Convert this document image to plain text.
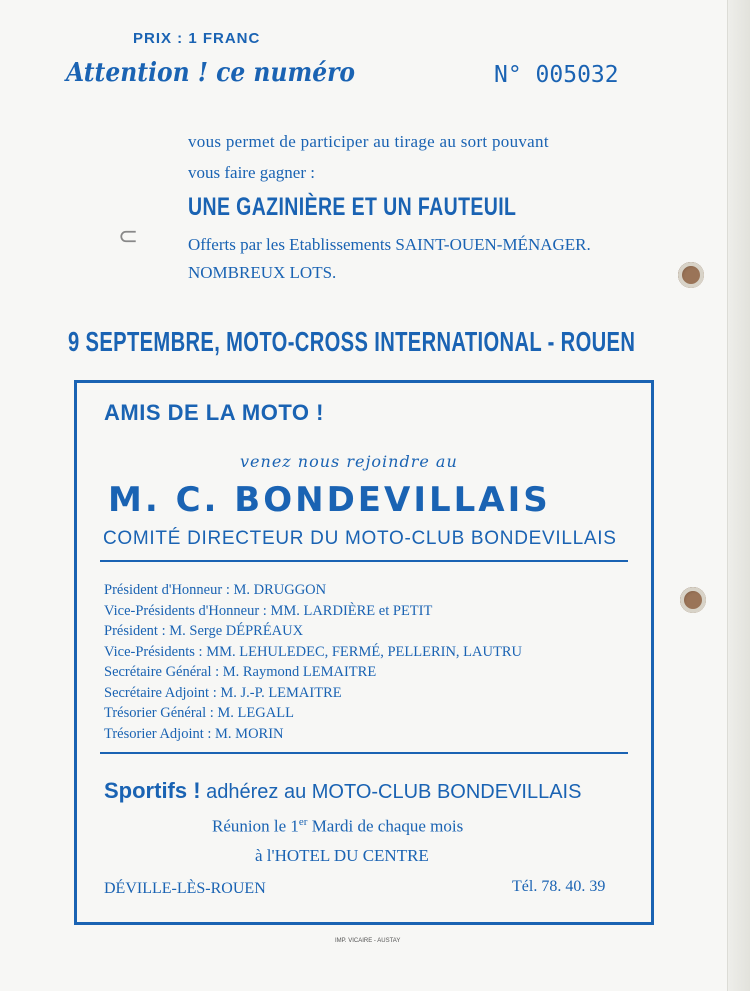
⊂
PRIX : 1 FRANC
Attention ! ce numéro	N° 005032
vous permet de participer au tirage au sort pouvant
vous faire gagner :
UNE GAZINIÈRE ET UN FAUTEUIL
Offerts par les Etablissements SAINT-OUEN-MÉNAGER.
NOMBREUX LOTS.
9 SEPTEMBRE, MOTO-CROSS INTERNATIONAL - ROUEN
AMIS DE LA MOTO !
venez nous rejoindre au
M. C. BONDEVILLAIS
COMITÉ DIRECTEUR DU MOTO-CLUB BONDEVILLAIS
Président d'Honneur : M. DRUGGON
Vice-Présidents d'Honneur : MM. LARDIÈRE et PETIT
Président : M. Serge DÉPRÉAUX
Vice-Présidents : MM. LEHULEDEC, FERMÉ, PELLERIN, LAUTRU
Secrétaire Général : M. Raymond LEMAITRE
Secrétaire Adjoint : M. J.-P. LEMAITRE
Trésorier Général : M. LEGALL
Trésorier Adjoint : M. MORIN
Sportifs ! adhérez au MOTO-CLUB BONDEVILLAIS
Réunion le 1er Mardi de chaque mois
à l'HOTEL DU CENTRE
DÉVILLE-LÈS-ROUEN	Tél. 78. 40. 39
IMP. VICAIRE - AUSTAY
